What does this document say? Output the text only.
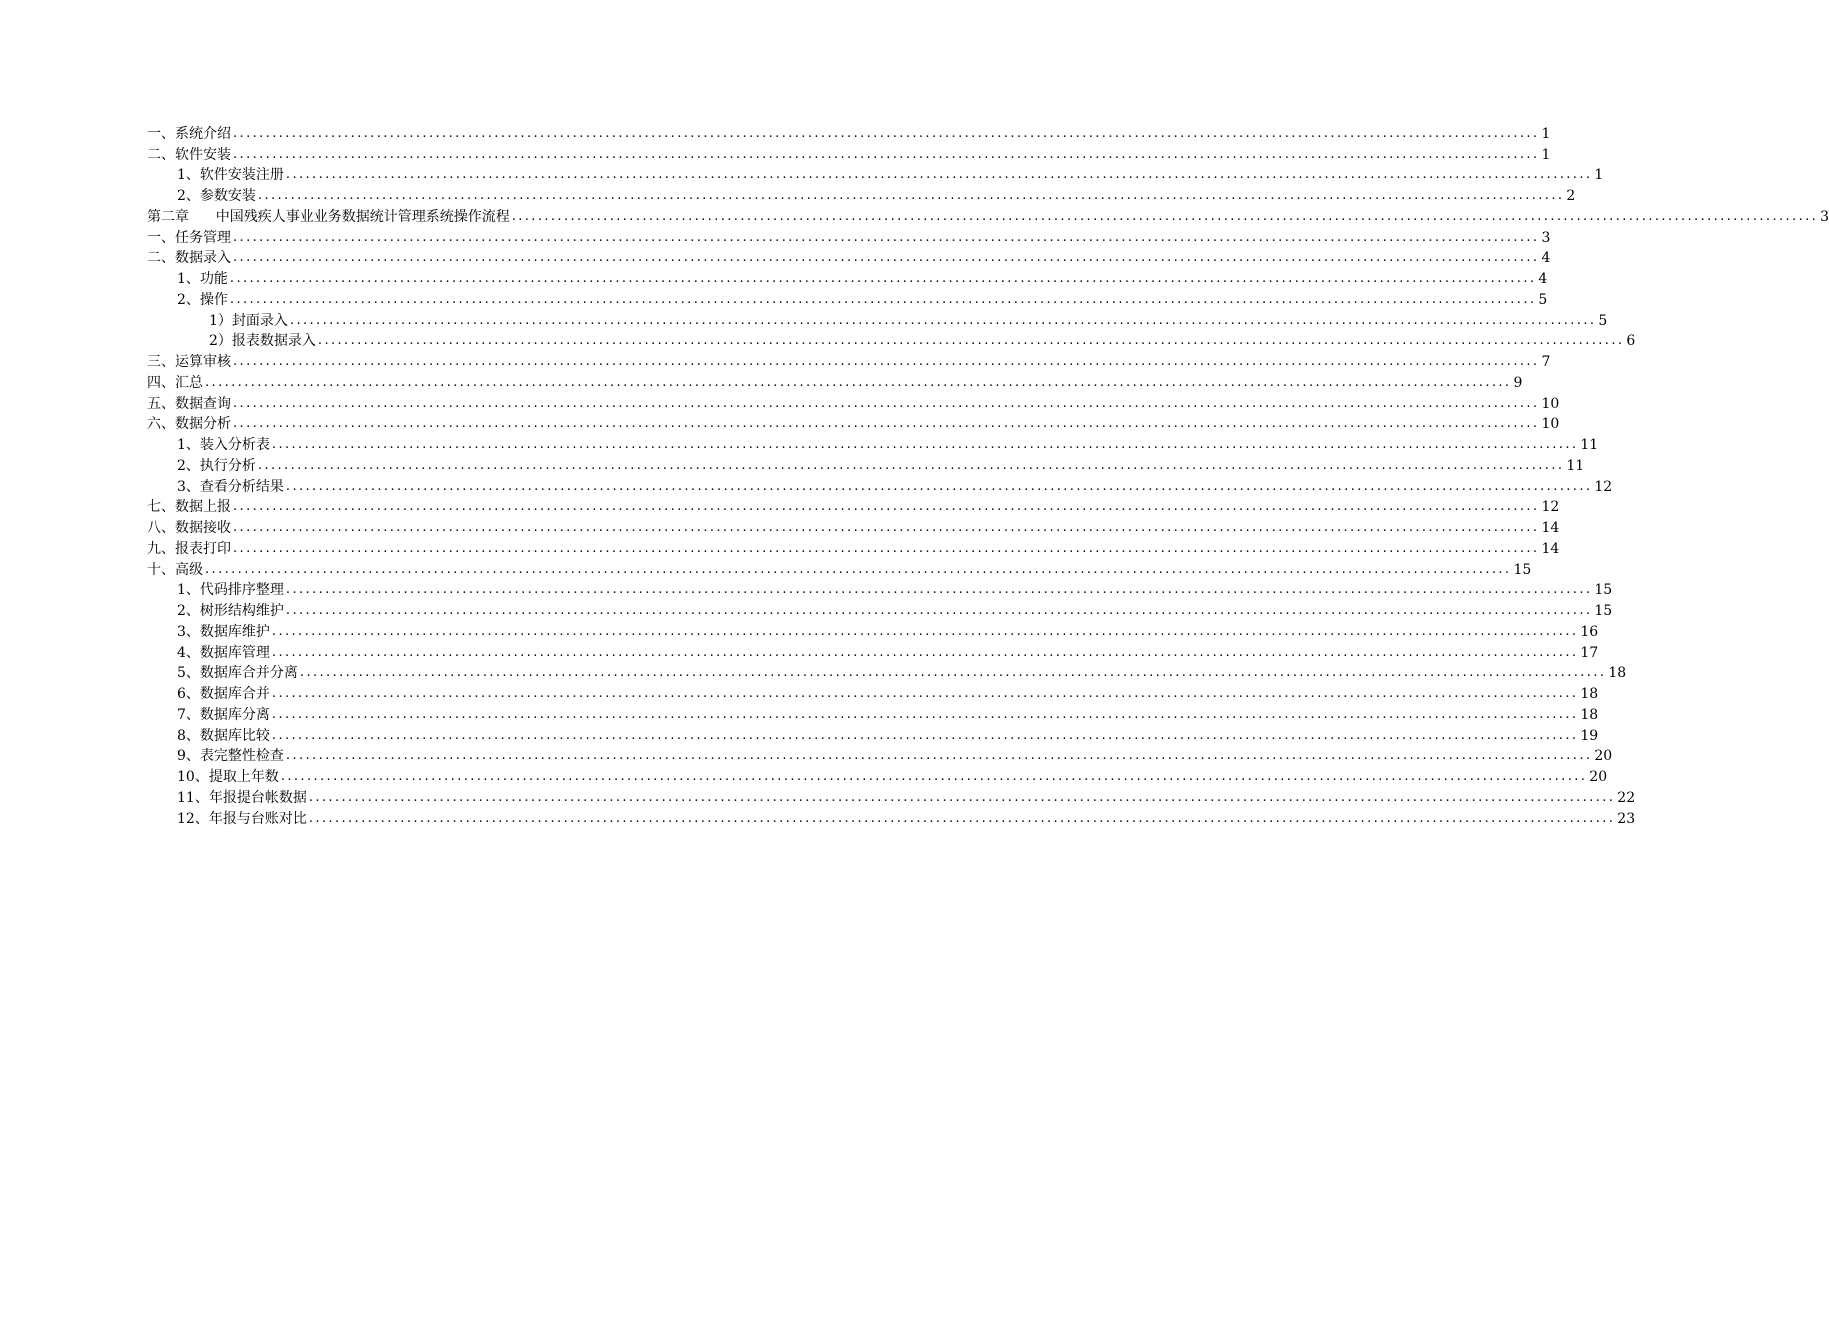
一、系统介绍 ........................................................................................................................................................................................................ 1
二、软件安装 ........................................................................................................................................................................................................ 1
1、软件安装注册 ........................................................................................................................................................................................................ 1
2、参数安装 ........................................................................................................................................................................................................ 2
第二章      中国残疾人事业业务数据统计管理系统操作流程 ........................................................................................................................................................................................................ 3
一、任务管理 ........................................................................................................................................................................................................ 3
二、数据录入 ........................................................................................................................................................................................................ 4
1、功能 ........................................................................................................................................................................................................ 4
2、操作 ........................................................................................................................................................................................................ 5
1）封面录入 ........................................................................................................................................................................................................ 5
2）报表数据录入 ........................................................................................................................................................................................................ 6
三、运算审核 ........................................................................................................................................................................................................ 7
四、汇总 ........................................................................................................................................................................................................ 9
五、数据查询 ........................................................................................................................................................................................................ 10
六、数据分析 ........................................................................................................................................................................................................ 10
1、装入分析表 ........................................................................................................................................................................................................ 11
2、执行分析 ........................................................................................................................................................................................................ 11
3、查看分析结果 ........................................................................................................................................................................................................ 12
七、数据上报 ........................................................................................................................................................................................................ 12
八、数据接收 ........................................................................................................................................................................................................ 14
九、报表打印 ........................................................................................................................................................................................................ 14
十、高级 ........................................................................................................................................................................................................ 15
1、代码排序整理 ........................................................................................................................................................................................................ 15
2、树形结构维护 ........................................................................................................................................................................................................ 15
3、数据库维护 ........................................................................................................................................................................................................ 16
4、数据库管理 ........................................................................................................................................................................................................ 17
5、数据库合并分离 ........................................................................................................................................................................................................ 18
6、数据库合并 ........................................................................................................................................................................................................ 18
7、数据库分离 ........................................................................................................................................................................................................ 18
8、数据库比较 ........................................................................................................................................................................................................ 19
9、表完整性检查 ........................................................................................................................................................................................................ 20
10、提取上年数 ........................................................................................................................................................................................................ 20
11、年报提台帐数据 ........................................................................................................................................................................................................ 22
12、年报与台账对比 ........................................................................................................................................................................................................ 23
